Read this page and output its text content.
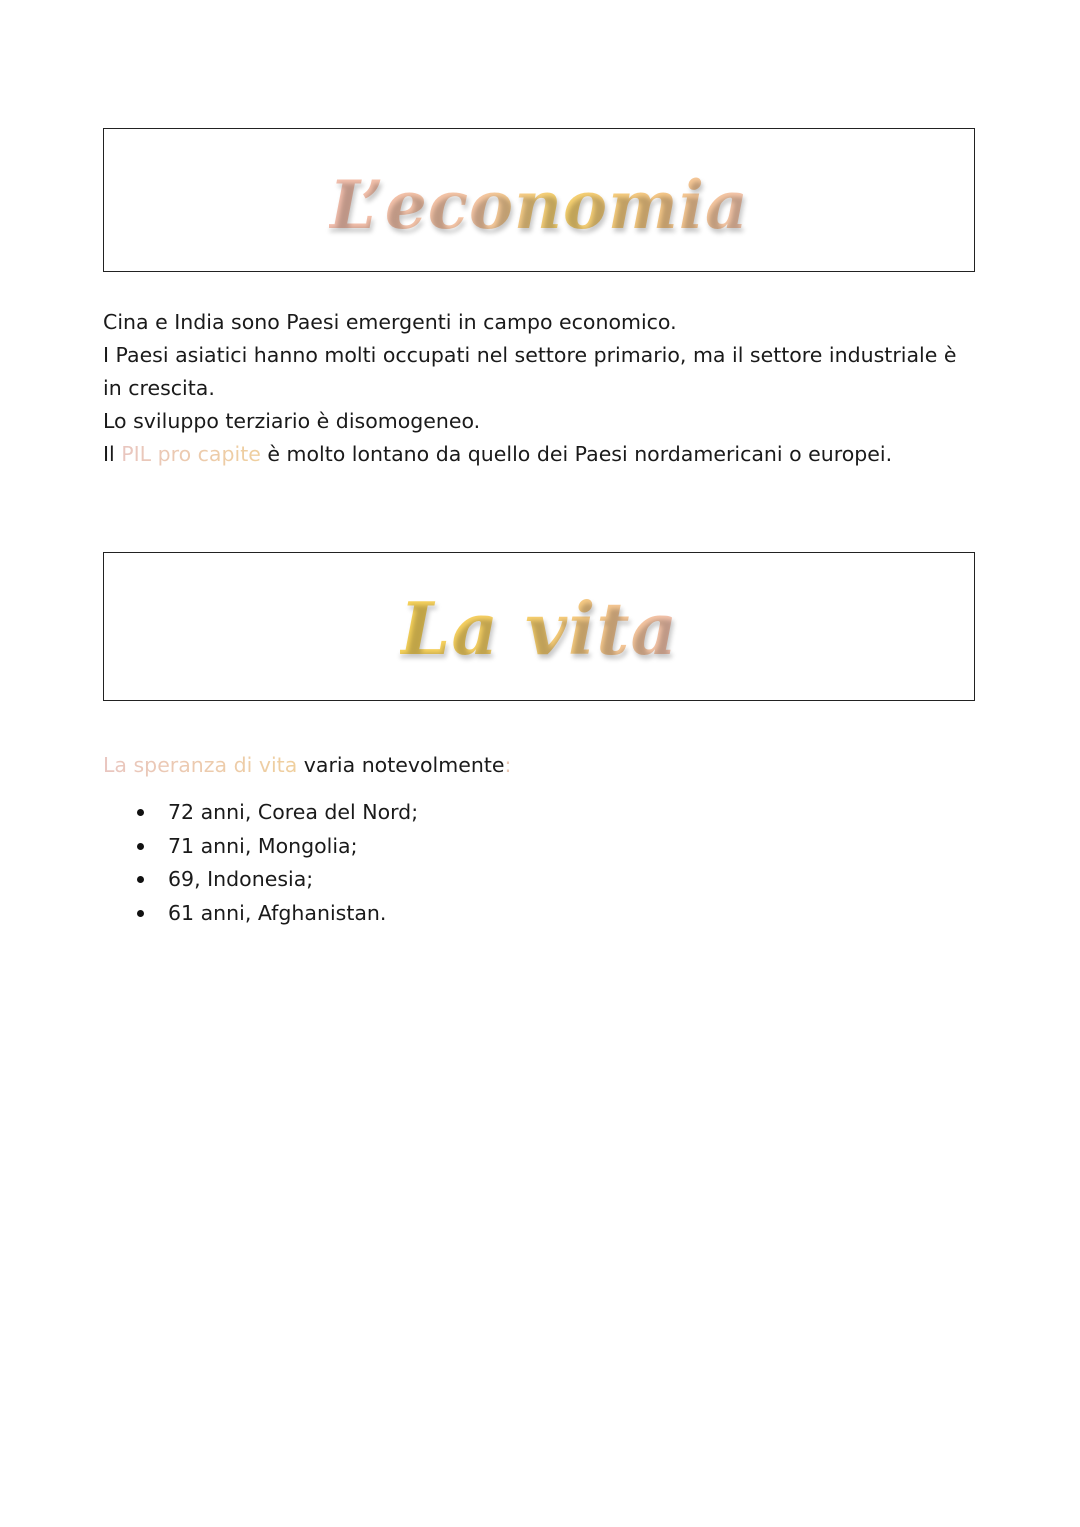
L’economia

Cina e India sono Paesi emergenti in campo economico.
I Paesi asiatici hanno molti occupati nel settore primario, ma il settore industriale è
in crescita.
Lo sviluppo terziario è disomogeneo.
Il PIL pro capite è molto lontano da quello dei Paesi nordamericani o europei.

La vita

La speranza di vita varia notevolmente:

72 anni, Corea del Nord;
71 anni, Mongolia;
69, Indonesia;
61 anni, Afghanistan.
